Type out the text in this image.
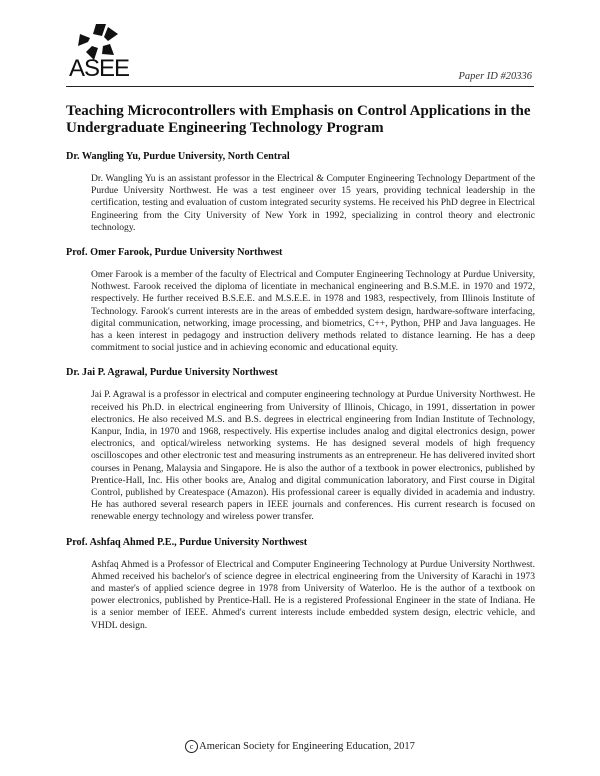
ASEE	Paper ID #20336
Teaching Microcontrollers with Emphasis on Control Applications in the Undergraduate Engineering Technology Program

Dr. Wangling Yu, Purdue University, North Central

Dr. Wangling Yu is an assistant professor in the Electrical & Computer Engineering Technology Department of the Purdue University Northwest. He was a test engineer over 15 years, providing technical leadership in the certification, testing and evaluation of custom integrated security systems. He received his PhD degree in Electrical Engineering from the City University of New York in 1992, specializing in control theory and electronic technology.

Prof. Omer Farook, Purdue University Northwest

Omer Farook is a member of the faculty of Electrical and Computer Engineering Technology at Purdue University, Nothwest. Farook received the diploma of licentiate in mechanical engineering and B.S.M.E. in 1970 and 1972, respectively. He further received B.S.E.E. and M.S.E.E. in 1978 and 1983, respectively, from Illinois Institute of Technology. Farook's current interests are in the areas of embedded system design, hardware-software interfacing, digital communication, networking, image processing, and biometrics, C++, Python, PHP and Java languages. He has a keen interest in pedagogy and instruction delivery methods related to distance learning. He has a deep commitment to social justice and in achieving economic and educational equity.

Dr. Jai P. Agrawal, Purdue University Northwest

Jai P. Agrawal is a professor in electrical and computer engineering technology at Purdue University Northwest. He received his Ph.D. in electrical engineering from University of Illinois, Chicago, in 1991, dissertation in power electronics. He also received M.S. and B.S. degrees in electrical engineering from Indian Institute of Technology, Kanpur, India, in 1970 and 1968, respectively. His expertise includes analog and digital electronics design, power electronics, and optical/wireless networking systems. He has designed several models of high frequency oscilloscopes and other electronic test and measuring instruments as an entrepreneur. He has delivered invited short courses in Penang, Malaysia and Singapore. He is also the author of a textbook in power electronics, published by Prentice-Hall, Inc. His other books are, Analog and digital communication laboratory, and First course in Digital Control, published by Createspace (Amazon). His professional career is equally divided in academia and industry. He has authored several research papers in IEEE journals and conferences. His current research is focused on renewable energy technology and wireless power transfer.

Prof. Ashfaq Ahmed P.E., Purdue University Northwest

Ashfaq Ahmed is a Professor of Electrical and Computer Engineering Technology at Purdue University Northwest. Ahmed received his bachelor's of science degree in electrical engineering from the University of Karachi in 1973 and master's of applied science degree in 1978 from University of Waterloo. He is the author of a textbook on power electronics, published by Prentice-Hall. He is a registered Professional Engineer in the state of Indiana. He is a senior member of IEEE. Ahmed's current interests include embedded system design, electric vehicle, and VHDL design.

c American Society for Engineering Education, 2017
